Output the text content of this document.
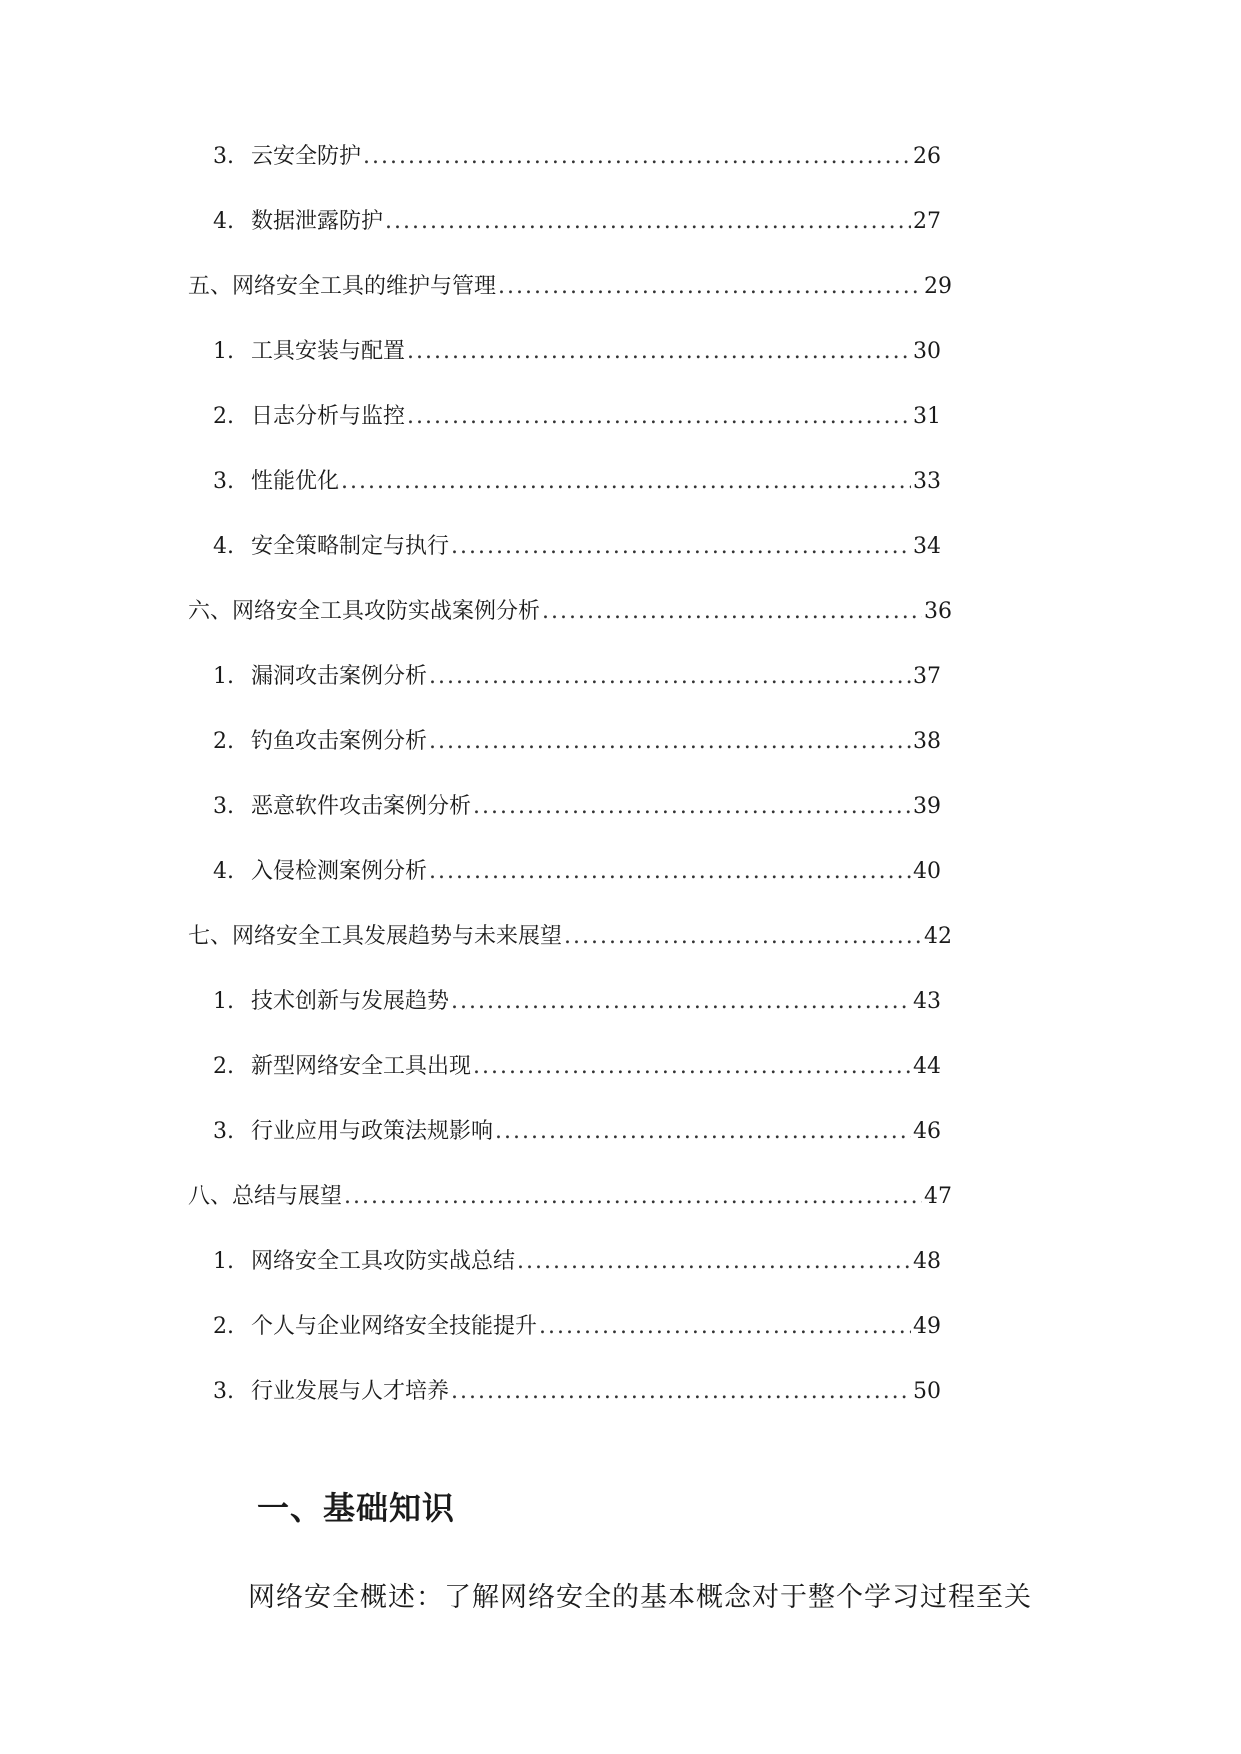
3. 云安全防护 .....	26
4. 数据泄露防护 .....	27
五、网络安全工具的维护与管理 .....	29
1. 工具安装与配置 .....	30
2. 日志分析与监控 .....	31
3. 性能优化 .....	33
4. 安全策略制定与执行 .....	34
六、网络安全工具攻防实战案例分析 .....	36
1. 漏洞攻击案例分析 .....	37
2. 钓鱼攻击案例分析 .....	38
3. 恶意软件攻击案例分析 .....	39
4. 入侵检测案例分析 .....	40
七、网络安全工具发展趋势与未来展望 .....	42
1. 技术创新与发展趋势 .....	43
2. 新型网络安全工具出现 .....	44
3. 行业应用与政策法规影响 .....	46
八、总结与展望 .....	47
1. 网络安全工具攻防实战总结 .....	48
2. 个人与企业网络安全技能提升 .....	49
3. 行业发展与人才培养 .....	50
一、基础知识
网络安全概述：了解网络安全的基本概念对于整个学习过程至关
